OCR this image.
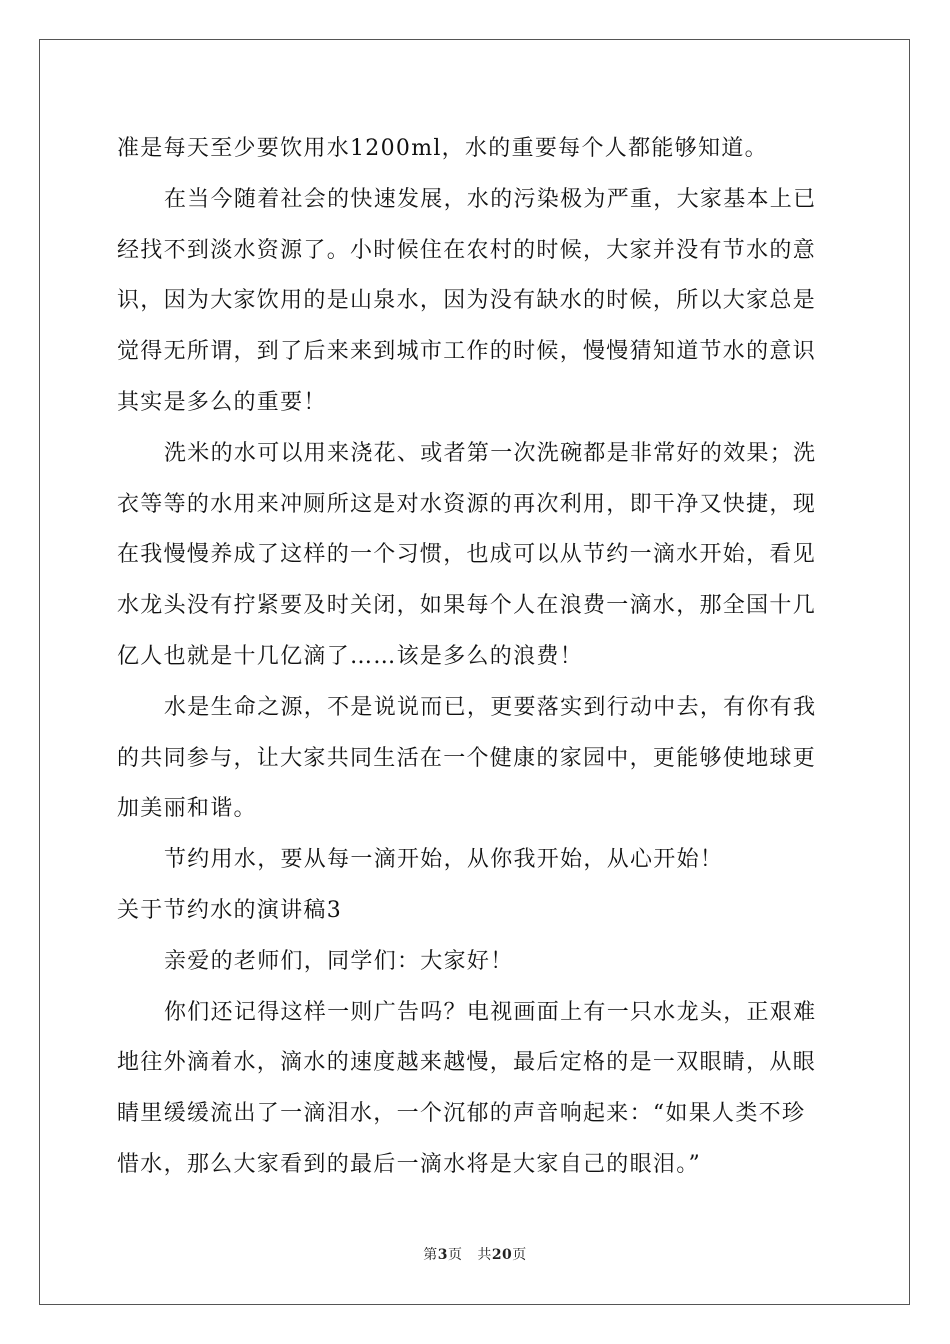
准是每天至少要饮用水1200ml，水的重要每个人都能够知道。
在当今随着社会的快速发展，水的污染极为严重，大家基本上已
经找不到淡水资源了。小时候住在农村的时候，大家并没有节水的意
识，因为大家饮用的是山泉水，因为没有缺水的时候，所以大家总是
觉得无所谓，到了后来来到城市工作的时候，慢慢猜知道节水的意识
其实是多么的重要！
洗米的水可以用来浇花、或者第一次洗碗都是非常好的效果；洗
衣等等的水用来冲厕所这是对水资源的再次利用，即干净又快捷，现
在我慢慢养成了这样的一个习惯，也成可以从节约一滴水开始，看见
水龙头没有拧紧要及时关闭，如果每个人在浪费一滴水，那全国十几
亿人也就是十几亿滴了……该是多么的浪费！
水是生命之源，不是说说而已，更要落实到行动中去，有你有我
的共同参与，让大家共同生活在一个健康的家园中，更能够使地球更
加美丽和谐。
节约用水，要从每一滴开始，从你我开始，从心开始！
关于节约水的演讲稿3
亲爱的老师们，同学们：大家好！
你们还记得这样一则广告吗？电视画面上有一只水龙头，正艰难
地往外滴着水，滴水的速度越来越慢，最后定格的是一双眼睛，从眼
睛里缓缓流出了一滴泪水，一个沉郁的声音响起来：“如果人类不珍
惜水，那么大家看到的最后一滴水将是大家自己的眼泪。”
第3页 共20页
